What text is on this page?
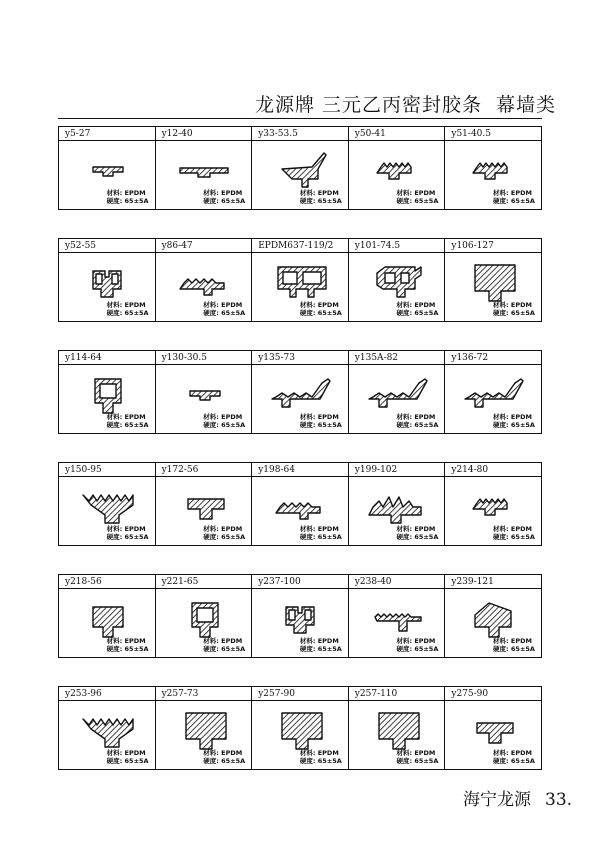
龙源牌 三元乙丙密封胶条 幕墙类
y5-27
材料: EPDM
硬度: 65±5A
y12-40
材料: EPDM
硬度: 65±5A
y33-53.5
材料: EPDM
硬度: 65±5A
y50-41
材料: EPDM
硬度: 65±5A
y51-40.5
材料: EPDM
硬度: 65±5A
y52-55
材料: EPDM
硬度: 65±5A
y86-47
材料: EPDM
硬度: 65±5A
EPDM637-119/2
材料: EPDM
硬度: 65±5A
y101-74.5
材料: EPDM
硬度: 65±5A
y106-127
材料: EPDM
硬度: 65±5A
y114-64
材料: EPDM
硬度: 65±5A
y130-30.5
材料: EPDM
硬度: 65±5A
y135-73
材料: EPDM
硬度: 65±5A
y135A-82
材料: EPDM
硬度: 65±5A
y136-72
材料: EPDM
硬度: 65±5A
y150-95
材料: EPDM
硬度: 65±5A
y172-56
材料: EPDM
硬度: 65±5A
y198-64
材料: EPDM
硬度: 65±5A
y199-102
材料: EPDM
硬度: 65±5A
y214-80
材料: EPDM
硬度: 65±5A
y218-56
材料: EPDM
硬度: 65±5A
y221-65
材料: EPDM
硬度: 65±5A
y237-100
材料: EPDM
硬度: 65±5A
y238-40
材料: EPDM
硬度: 65±5A
y239-121
材料: EPDM
硬度: 65±5A
y253-96
材料: EPDM
硬度: 65±5A
y257-73
材料: EPDM
硬度: 65±5A
y257-90
材料: EPDM
硬度: 65±5A
y257-110
材料: EPDM
硬度: 65±5A
y275-90
材料: EPDM
硬度: 65±5A
海宁龙源 33.
